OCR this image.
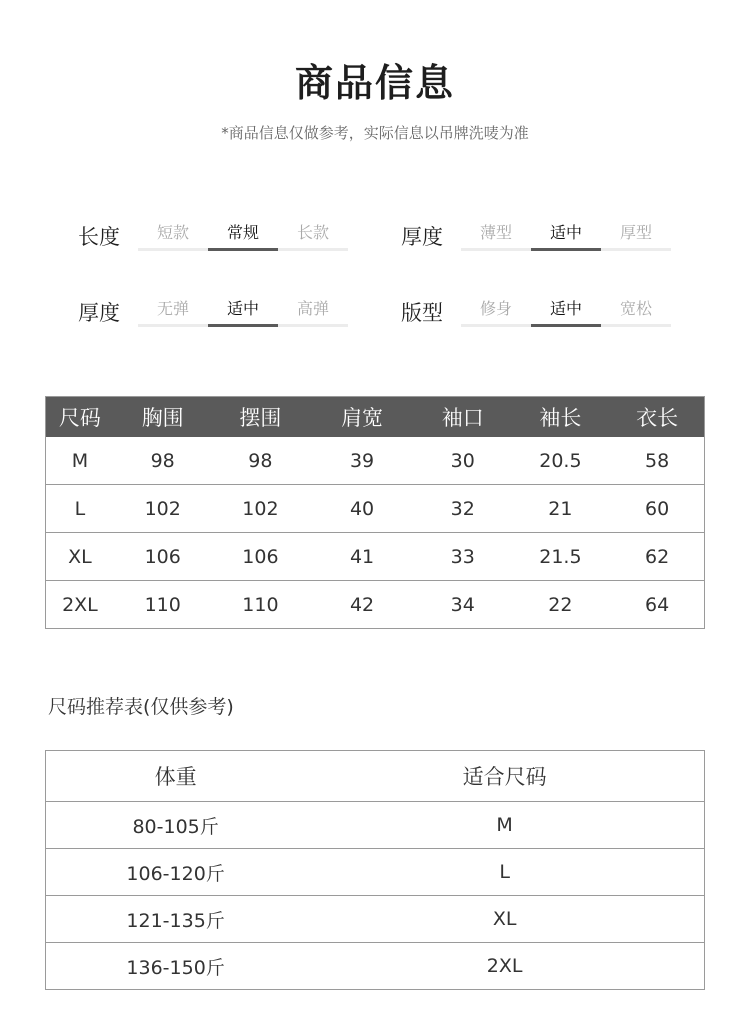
商品信息
*商品信息仅做参考，实际信息以吊牌洗唛为准
长度	短款	常规	长款	厚度	薄型	适中	厚型
厚度	无弹	适中	高弹	版型	修身	适中	宽松
尺码	胸围	摆围	肩宽	袖口	袖长	衣长
M	98	98	39	30	20.5	58
L	102	102	40	32	21	60
XL	106	106	41	33	21.5	62
2XL	110	110	42	34	22	64
尺码推荐表(仅供参考)
体重	适合尺码
80-105斤	M
106-120斤	L
121-135斤	XL
136-150斤	2XL
